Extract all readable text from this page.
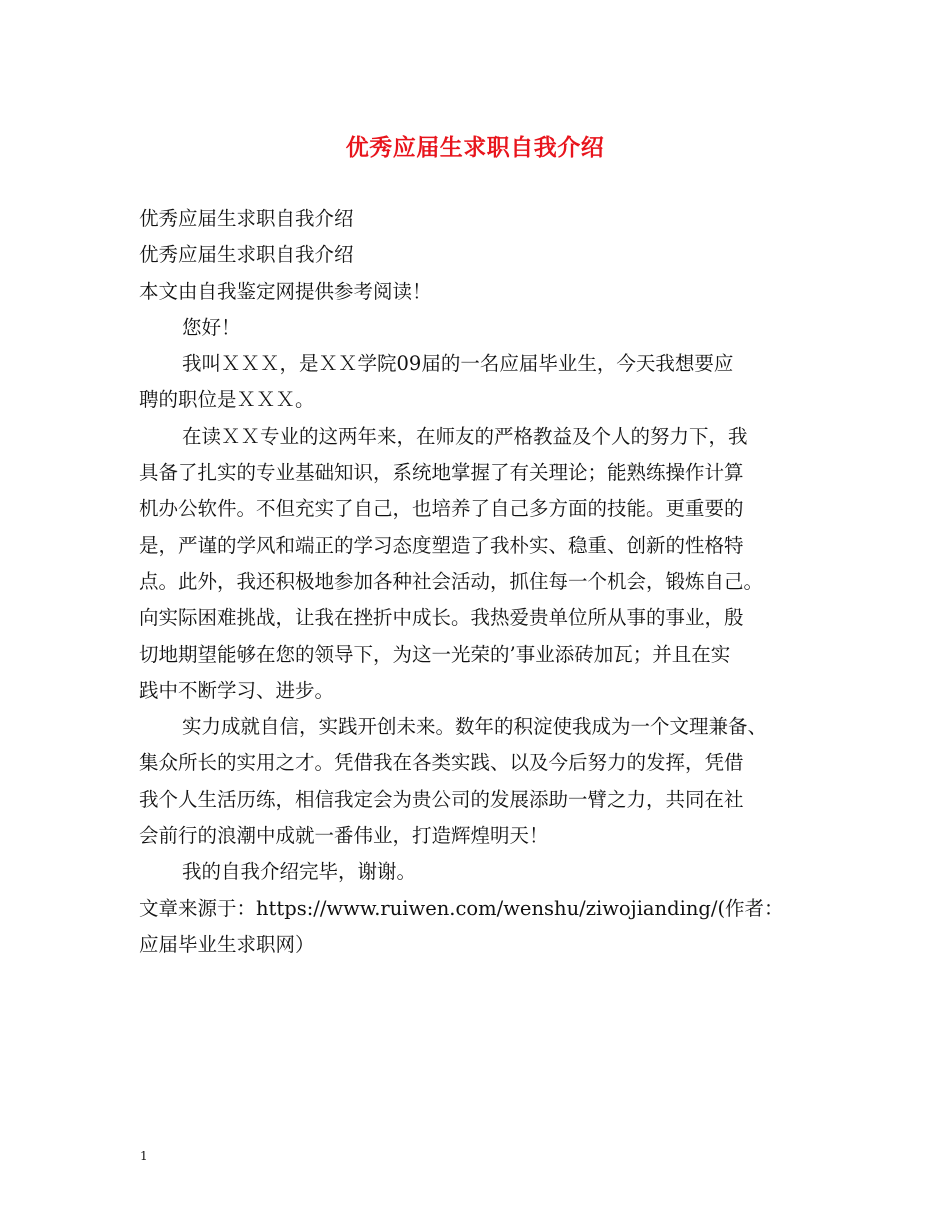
优秀应届生求职自我介绍
优秀应届生求职自我介绍
优秀应届生求职自我介绍
本文由自我鉴定网提供参考阅读！
您好！
我叫ＸＸＸ，是ＸＸ学院09届的一名应届毕业生，今天我想要应
聘的职位是ＸＸＸ。
在读ＸＸ专业的这两年来，在师友的严格教益及个人的努力下，我
具备了扎实的专业基础知识，系统地掌握了有关理论；能熟练操作计算
机办公软件。不但充实了自己，也培养了自己多方面的技能。更重要的
是，严谨的学风和端正的学习态度塑造了我朴实、稳重、创新的性格特
点。此外，我还积极地参加各种社会活动，抓住每一个机会，锻炼自己。
向实际困难挑战，让我在挫折中成长。我热爱贵单位所从事的事业，殷
切地期望能够在您的领导下，为这一光荣的’事业添砖加瓦；并且在实
践中不断学习、进步。
实力成就自信，实践开创未来。数年的积淀使我成为一个文理兼备、
集众所长的实用之才。凭借我在各类实践、以及今后努力的发挥，凭借
我个人生活历练，相信我定会为贵公司的发展添助一臂之力，共同在社
会前行的浪潮中成就一番伟业，打造辉煌明天！
我的自我介绍完毕，谢谢。
文章来源于：https://www.ruiwen.com/wenshu/ziwojianding/(作者：
应届毕业生求职网）
1
